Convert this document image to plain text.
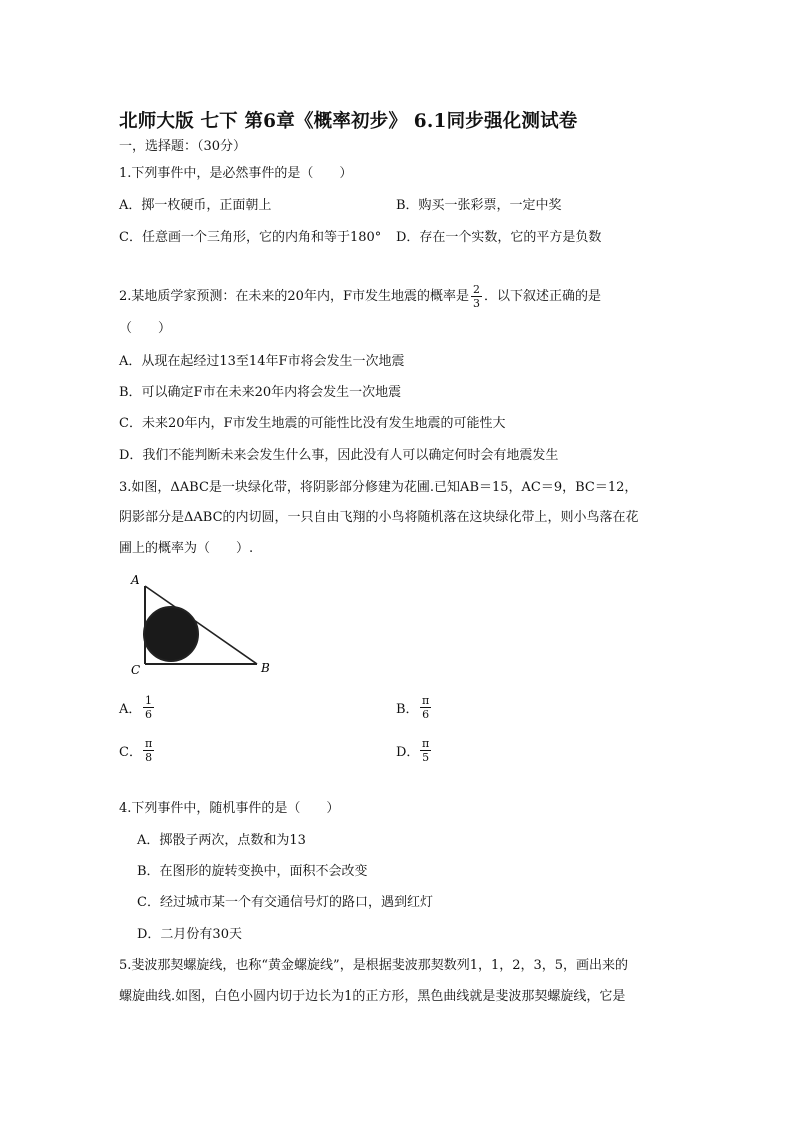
北师大版 七下 第6章《概率初步》 6.1同步强化测试卷
一，选择题：（30分）
1.下列事件中，是必然事件的是（　　）
A．掷一枚硬币，正面朝上	B．购买一张彩票，一定中奖
C．任意画一个三角形，它的内角和等于180° D．存在一个实数，它的平方是负数
2.某地质学家预测：在未来的20年内，F市发生地震的概率是 $\frac{2}{3}$ ．以下叙述正确的是
（　　）
A．从现在起经过13至14年F市将会发生一次地震
B．可以确定F市在未来20年内将会发生一次地震
C．未来20年内，F市发生地震的可能性比没有发生地震的可能性大
D．我们不能判断未来会发生什么事，因此没有人可以确定何时会有地震发生
3.如图，ΔABC是一块绿化带，将阴影部分修建为花圃.已知AB＝15，AC＝9，BC＝12，
阴影部分是ΔABC的内切圆，一只自由飞翔的小鸟将随机落在这块绿化带上，则小鸟落在花
圃上的概率为（　　）.
A
C	B
A． $\frac{1}{6}$	B． $\frac{\pi}{6}$
C． $\frac{\pi}{8}$	D． $\frac{\pi}{5}$
4.下列事件中，随机事件的是（　　）
A．掷骰子两次，点数和为13
B．在图形的旋转变换中，面积不会改变
C．经过城市某一个有交通信号灯的路口，遇到红灯
D．二月份有30天
5.斐波那契螺旋线，也称“黄金螺旋线”，是根据斐波那契数列1，1，2，3，5，画出来的
螺旋曲线.如图，白色小圆内切于边长为1的正方形，黑色曲线就是斐波那契螺旋线，它是
